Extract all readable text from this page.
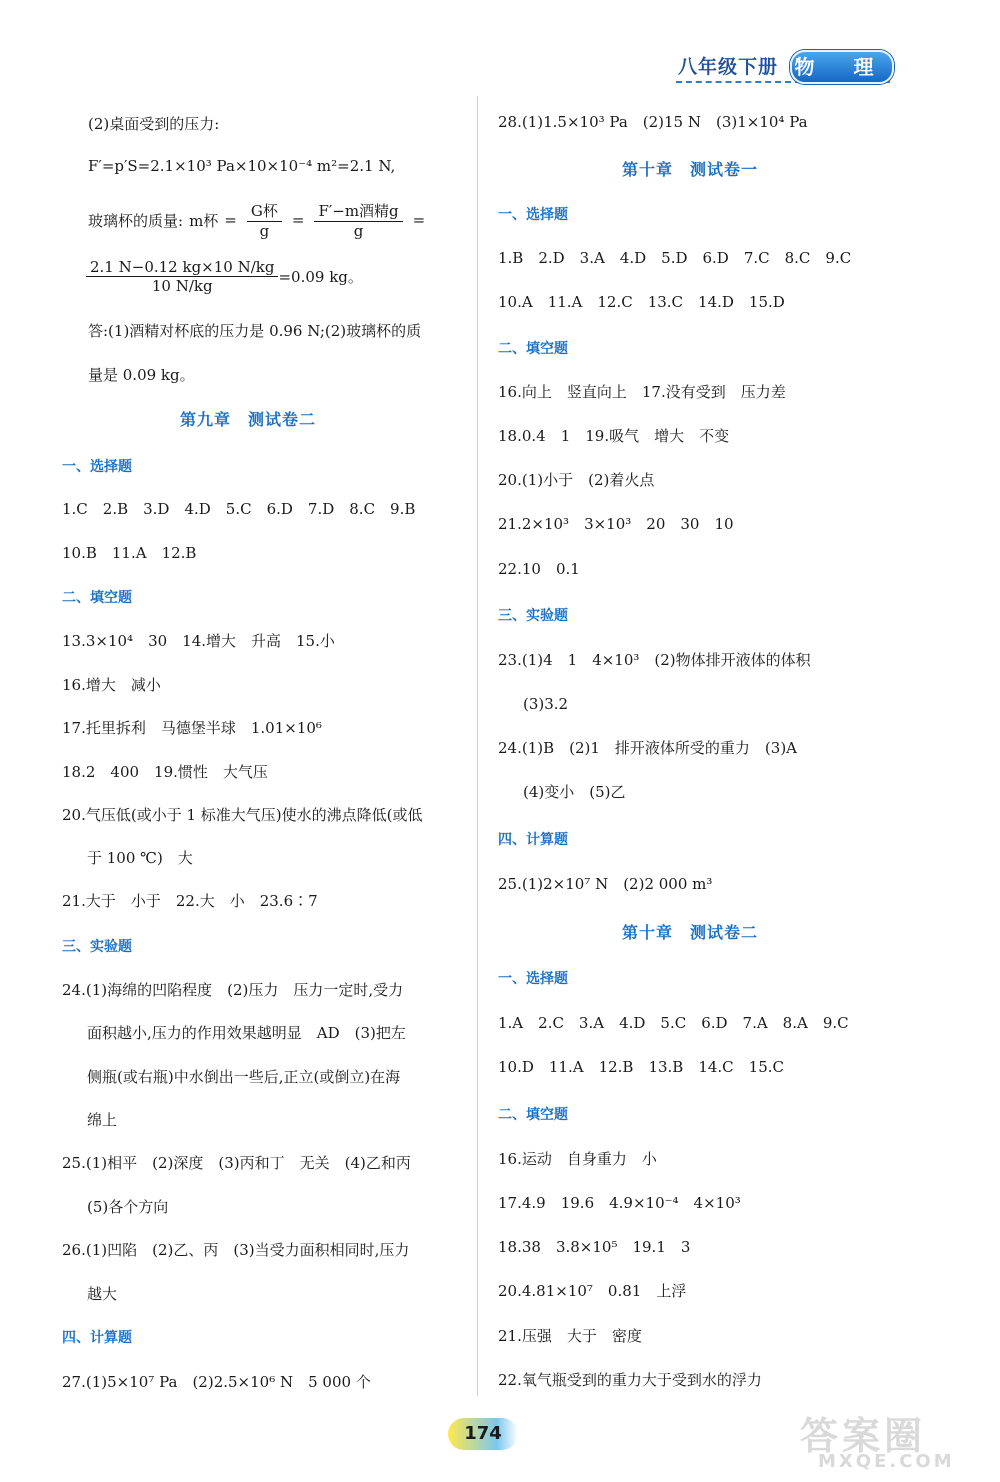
八年级下册 物 理
(2)桌面受到的压力:
F′=p′S=2.1×10³ Pa×10×10⁻⁴ m²=2.1 N,
玻璃杯的质量: m杯 = $\frac{\text{G杯}}{g} = \frac{\text{F′−m酒精g}}{g}$ =
$\frac{2.1 N-0.12 kg\times 10 N/kg}{10 N/kg} =0.09$ kg。
答:(1)酒精对杯底的压力是 0.96 N;(2)玻璃杯的质
量是 0.09 kg。
第九章　测试卷二
一、选择题
1.C　2.B　3.D　4.D　5.C　6.D　7.D　8.C　9.B
10.B　11.A　12.B
二、填空题
13.3×10⁴　30　14.增大　升高　15.小
16.增大　减小
17.托里拆利　马德堡半球　1.01×10⁶
18.2　400　19.惯性　大气压
20.气压低(或小于 1 标准大气压)使水的沸点降低(或低
　于 100 ℃)　大
21.大于　小于　22.大　小　23.6∶7
三、实验题
24.(1)海绵的凹陷程度　(2)压力　压力一定时,受力
　面积越小,压力的作用效果越明显　AD　(3)把左
　侧瓶(或右瓶)中水倒出一些后,正立(或倒立)在海
　绵上
25.(1)相平　(2)深度　(3)丙和丁　无关　(4)乙和丙
　(5)各个方向
26.(1)凹陷　(2)乙、丙　(3)当受力面积相同时,压力
　越大
四、计算题
27.(1)5×10⁷ Pa　(2)2.5×10⁶ N　5 000 个
28.(1)1.5×10³ Pa　(2)15 N　(3)1×10⁴ Pa
第十章　测试卷一
一、选择题
1.B　2.D　3.A　4.D　5.D　6.D　7.C　8.C　9.C
10.A　11.A　12.C　13.C　14.D　15.D
二、填空题
16.向上　竖直向上　17.没有受到　压力差
18.0.4　1　19.吸气　增大　不变
20.(1)小于　(2)着火点
21.2×10³　3×10³　20　30　10
22.10　0.1
三、实验题
23.(1)4　1　4×10³　(2)物体排开液体的体积
　(3)3.2
24.(1)B　(2)1　排开液体所受的重力　(3)A
　(4)变小　(5)乙
四、计算题
25.(1)2×10⁷ N　(2)2 000 m³
第十章　测试卷二
一、选择题
1.A　2.C　3.A　4.D　5.C　6.D　7.A　8.A　9.C
10.D　11.A　12.B　13.B　14.C　15.C
二、填空题
16.运动　自身重力　小
17.4.9　19.6　4.9×10⁻⁴　4×10³
18.38　3.8×10⁵　19.1　3
20.4.81×10⁷　0.81　上浮
21.压强　大于　密度
22.氧气瓶受到的重力大于受到水的浮力
174	答案圈
MXQE.COM
